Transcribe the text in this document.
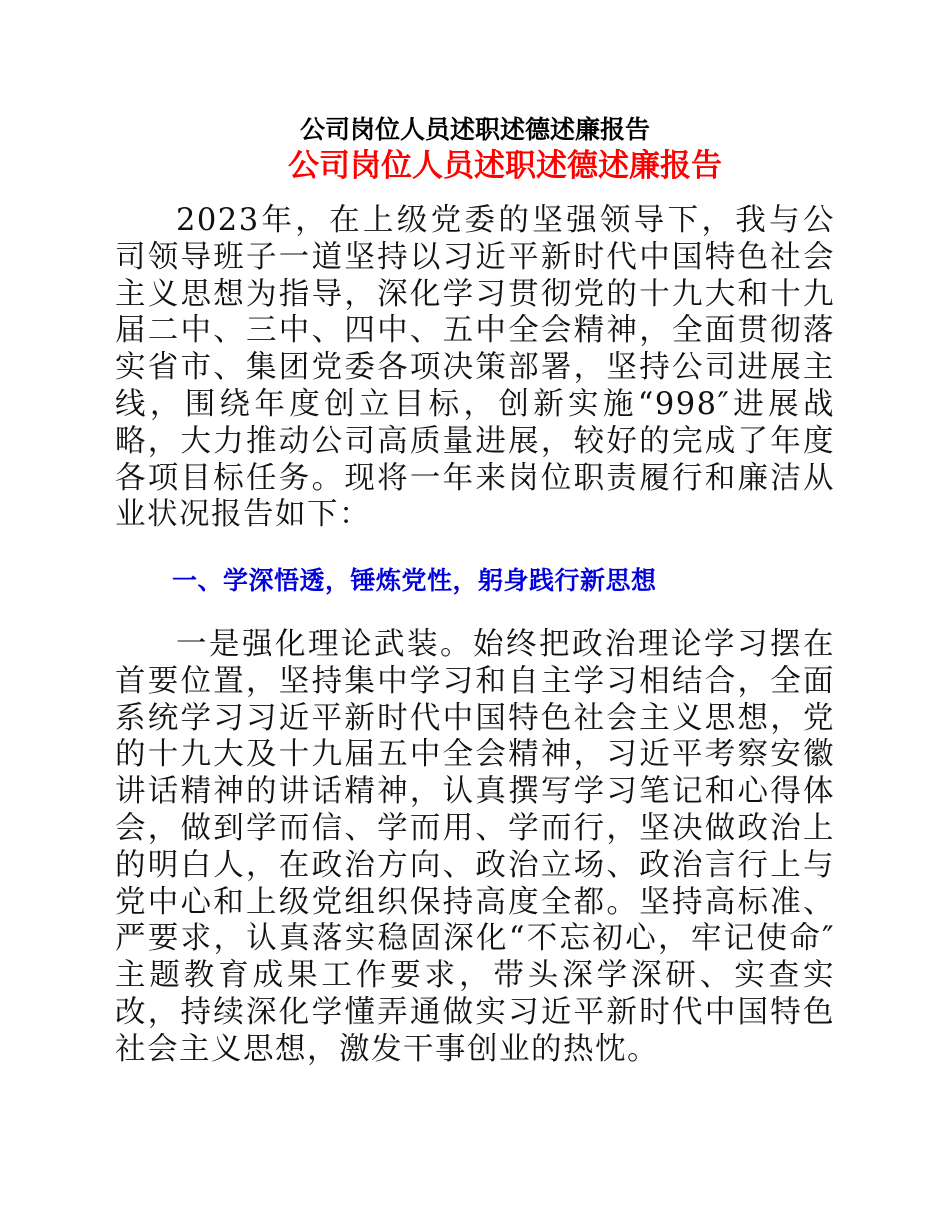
公司岗位人员述职述德述廉报告
公司岗位人员述职述德述廉报告

2023年，在上级党委的坚强领导下，我与公司领导班子一道坚持以习近平新时代中国特色社会主义思想为指导，深化学习贯彻党的十九大和十九届二中、三中、四中、五中全会精神，全面贯彻落实省市、集团党委各项决策部署，坚持公司进展主线，围绕年度创立目标，创新实施“998″进展战略，大力推动公司高质量进展，较好的完成了年度各项目标任务。现将一年来岗位职责履行和廉洁从业状况报告如下：

一、学深悟透，锤炼党性，躬身践行新思想

一是强化理论武装。始终把政治理论学习摆在首要位置，坚持集中学习和自主学习相结合，全面系统学习习近平新时代中国特色社会主义思想，党的十九大及十九届五中全会精神，习近平考察安徽讲话精神的讲话精神，认真撰写学习笔记和心得体会，做到学而信、学而用、学而行，坚决做政治上的明白人，在政治方向、政治立场、政治言行上与党中心和上级党组织保持高度全都。坚持高标准、严要求，认真落实稳固深化“不忘初心，牢记使命″主题教育成果工作要求，带头深学深研、实查实改，持续深化学懂弄通做实习近平新时代中国特色社会主义思想，激发干事创业的热忱。
